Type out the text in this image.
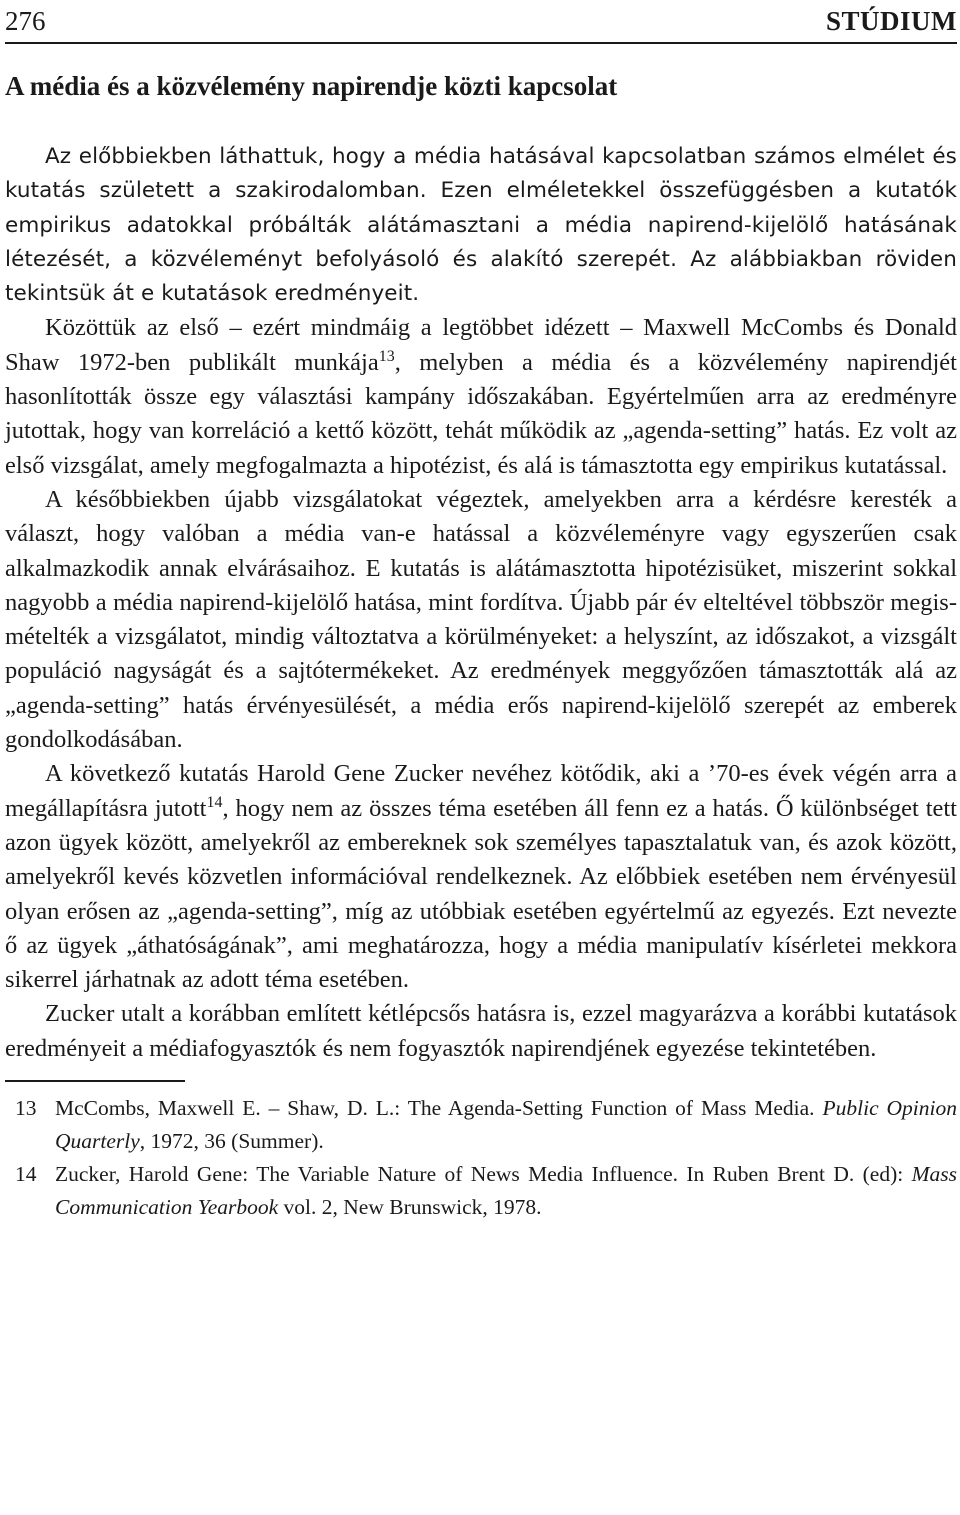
276	STÚDIUM
A média és a közvélemény napirendje közti kapcsolat

Az előbbiekben láthattuk, hogy a média hatásával kapcsolatban számos elmélet és kutatás született a szakirodalomban. Ezen elméletekkel összefüggésben a kutatók empirikus adatokkal próbálták alátámasztani a média napirend-kijelölő hatásának létezését, a közvéleményt befolyásoló és alakító szerepét. Az alábbiakban röviden tekintsük át e kutatások eredményeit.

Közöttük az első – ezért mindmáig a legtöbbet idézett – Maxwell McCombs és Donald Shaw 1972-ben publikált munkája$^{13}$, melyben a média és a közvélemény napirendjét hasonlították össze egy választási kampány időszakában. Egyértelműen arra az eredményre jutottak, hogy van korreláció a kettő között, tehát működik az „agenda-setting” hatás. Ez volt az első vizsgálat, amely megfogalmazta a hipotézist, és alá is támasztotta egy empirikus kutatással.

A későbbiekben újabb vizsgálatokat végeztek, amelyekben arra a kérdésre keresték a választ, hogy valóban a média van-e hatással a közvéleményre vagy egyszerűen csak alkalmazkodik annak elvárásaihoz. E kutatás is alátámasztotta hipotézisüket, miszerint sokkal nagyobb a média napirend-kijelölő hatása, mint fordítva. Újabb pár év elteltével többször megismételték a vizsgálatot, mindig változtatva a körülményeket: a helyszínt, az időszakot, a vizsgált populáció nagyságát és a sajtótermékeket. Az eredmények meggyőzően támasztották alá az „agenda-setting” hatás érvényesülését, a média erős napirend-kijelölő szerepét az emberek gondolkodásában.

A következő kutatás Harold Gene Zucker nevéhez kötődik, aki a ’70-es évek végén arra a megállapításra jutott$^{14}$, hogy nem az összes téma esetében áll fenn ez a hatás. Ő különbséget tett azon ügyek között, amelyekről az embereknek sok személyes tapasztalatuk van, és azok között, amelyekről kevés közvetlen információval rendelkeznek. Az előbbiek esetében nem érvényesül olyan erősen az „agenda-setting”, míg az utóbbiak esetében egyértelmű az egyezés. Ezt nevezte ő az ügyek „áthatóságának”, ami meghatározza, hogy a média manipulatív kísérletei mekkora sikerrel járhatnak az adott téma esetében.

Zucker utalt a korábban említett kétlépcsős hatásra is, ezzel magyarázva a korábbi kutatások eredményeit a médiafogyasztók és nem fogyasztók napirendjének egyezése tekintetében.

13 McCombs, Maxwell E. – Shaw, D. L.: The Agenda-Setting Function of Mass Media. Public Opinion Quarterly, 1972, 36 (Summer).
14 Zucker, Harold Gene: The Variable Nature of News Media Influence. In Ruben Brent D. (ed): Mass Communication Yearbook vol. 2, New Brunswick, 1978.
